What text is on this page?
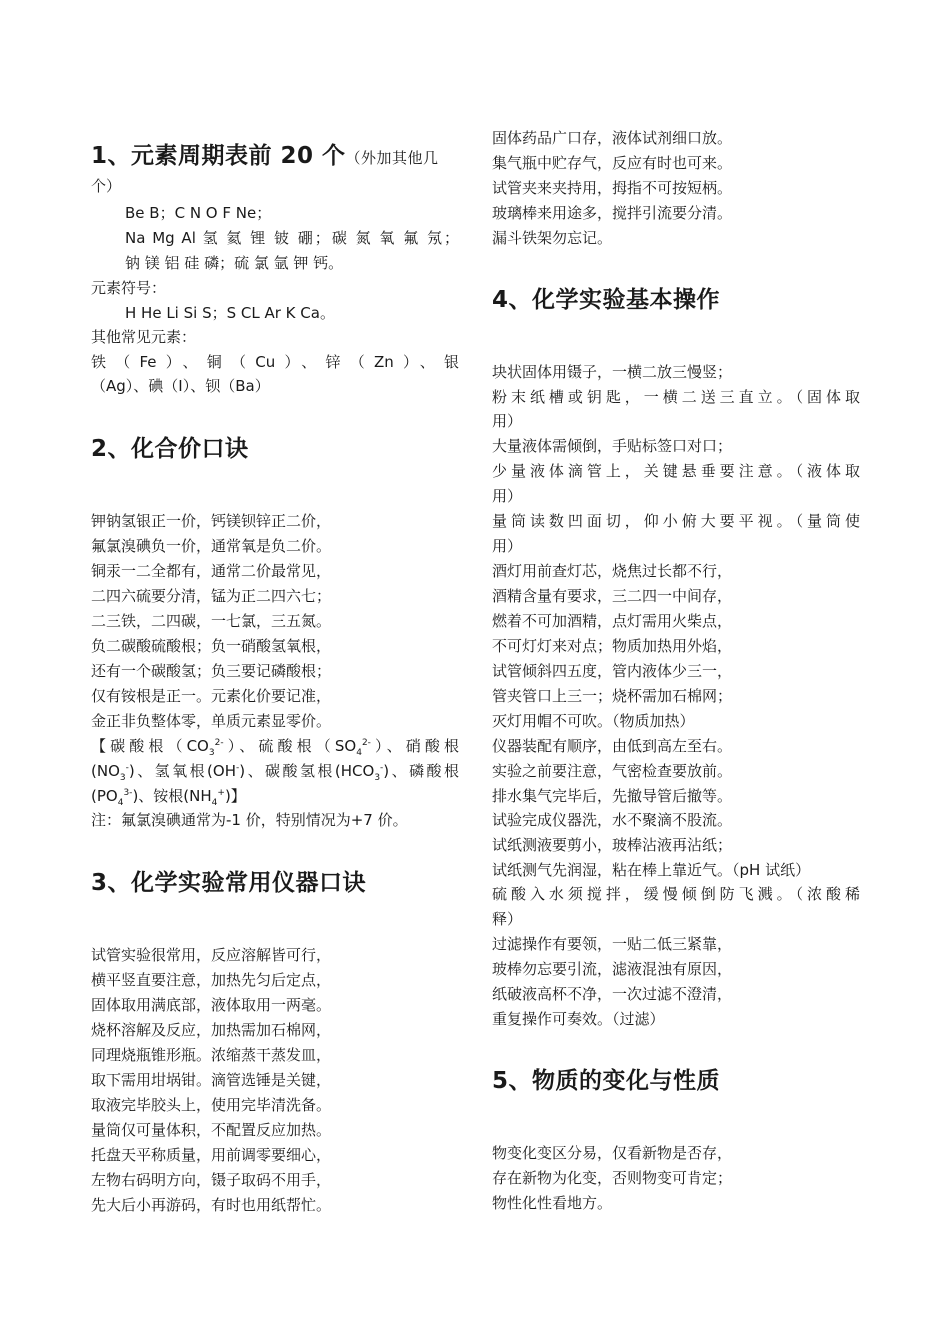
1、元素周期表前 20 个（外加其他几
个）
Be B；C N O F Ne；
Na Mg Al 氢 氦 锂 铍 硼；碳 氮 氧 氟 氖；
钠 镁 铝 硅 磷；硫 氯 氩 钾 钙。
元素符号：
H He Li Si S；S CL Ar K Ca。
其他常见元素：
铁（Fe）、铜（Cu）、锌（Zn）、银
（Ag）、碘（I）、钡（Ba）
2、化合价口诀
钾钠氢银正一价，钙镁钡锌正二价，
氟氯溴碘负一价，通常氧是负二价。
铜汞一二全都有，通常二价最常见，
二四六硫要分清，锰为正二四六七；
二三铁，二四碳，一七氯，三五氮。
负二碳酸硫酸根；负一硝酸氢氧根，
还有一个碳酸氢；负三要记磷酸根；
仅有铵根是正一。元素化价要记准，
金正非负整体零，单质元素显零价。
【碳酸根$(CO_3^{2-})$、硫酸根$(SO_4^{2-})$、硝酸根
$(NO_3^-)$、氢氧根(OH-)、碳酸氢根$(HCO_3^-)$、磷酸根
$(PO_4^{3-})$、铵根$(NH_4^+)$】
注：氟氯溴碘通常为-1 价，特别情况为+7 价。
3、化学实验常用仪器口诀
试管实验很常用，反应溶解皆可行，
横平竖直要注意，加热先匀后定点，
固体取用满底部，液体取用一两毫。
烧杯溶解及反应，加热需加石棉网，
同理烧瓶锥形瓶。浓缩蒸干蒸发皿，
取下需用坩埚钳。滴管选锤是关键，
取液完毕胶头上，使用完毕清洗备。
量筒仅可量体积，不配置反应加热。
托盘天平称质量，用前调零要细心，
左物右码明方向，镊子取码不用手，
先大后小再游码，有时也用纸帮忙。
固体药品广口存，液体试剂细口放。
集气瓶中贮存气，反应有时也可来。
试管夹来夹持用，拇指不可按短柄。
玻璃棒来用途多，搅拌引流要分清。
漏斗铁架勿忘记。
4、化学实验基本操作
块状固体用镊子，一横二放三慢竖；
粉末纸槽或钥匙，一横二送三直立。（固体取
用）
大量液体需倾倒，手贴标签口对口；
少量液体滴管上，关键悬垂要注意。（液体取
用）
量筒读数凹面切，仰小俯大要平视。（量筒使
用）
酒灯用前查灯芯，烧焦过长都不行，
酒精含量有要求，三二四一中间存，
燃着不可加酒精，点灯需用火柴点，
不可灯灯来对点；物质加热用外焰，
试管倾斜四五度，管内液体少三一，
管夹管口上三一；烧杯需加石棉网；
灭灯用帽不可吹。（物质加热）
仪器装配有顺序，由低到高左至右。
实验之前要注意，气密检查要放前。
排水集气完毕后，先撤导管后撤等。
试验完成仪器洗，水不聚滴不股流。
试纸测液要剪小，玻棒沾液再沾纸；
试纸测气先润湿，粘在棒上靠近气。（pH 试纸）
硫酸入水须搅拌，缓慢倾倒防飞溅。（浓酸稀
释）
过滤操作有要领，一贴二低三紧靠，
玻棒勿忘要引流，滤液混浊有原因，
纸破液高杯不净，一次过滤不澄清，
重复操作可奏效。（过滤）
5、物质的变化与性质
物变化变区分易，仅看新物是否存，
存在新物为化变，否则物变可肯定；
物性化性看地方。
